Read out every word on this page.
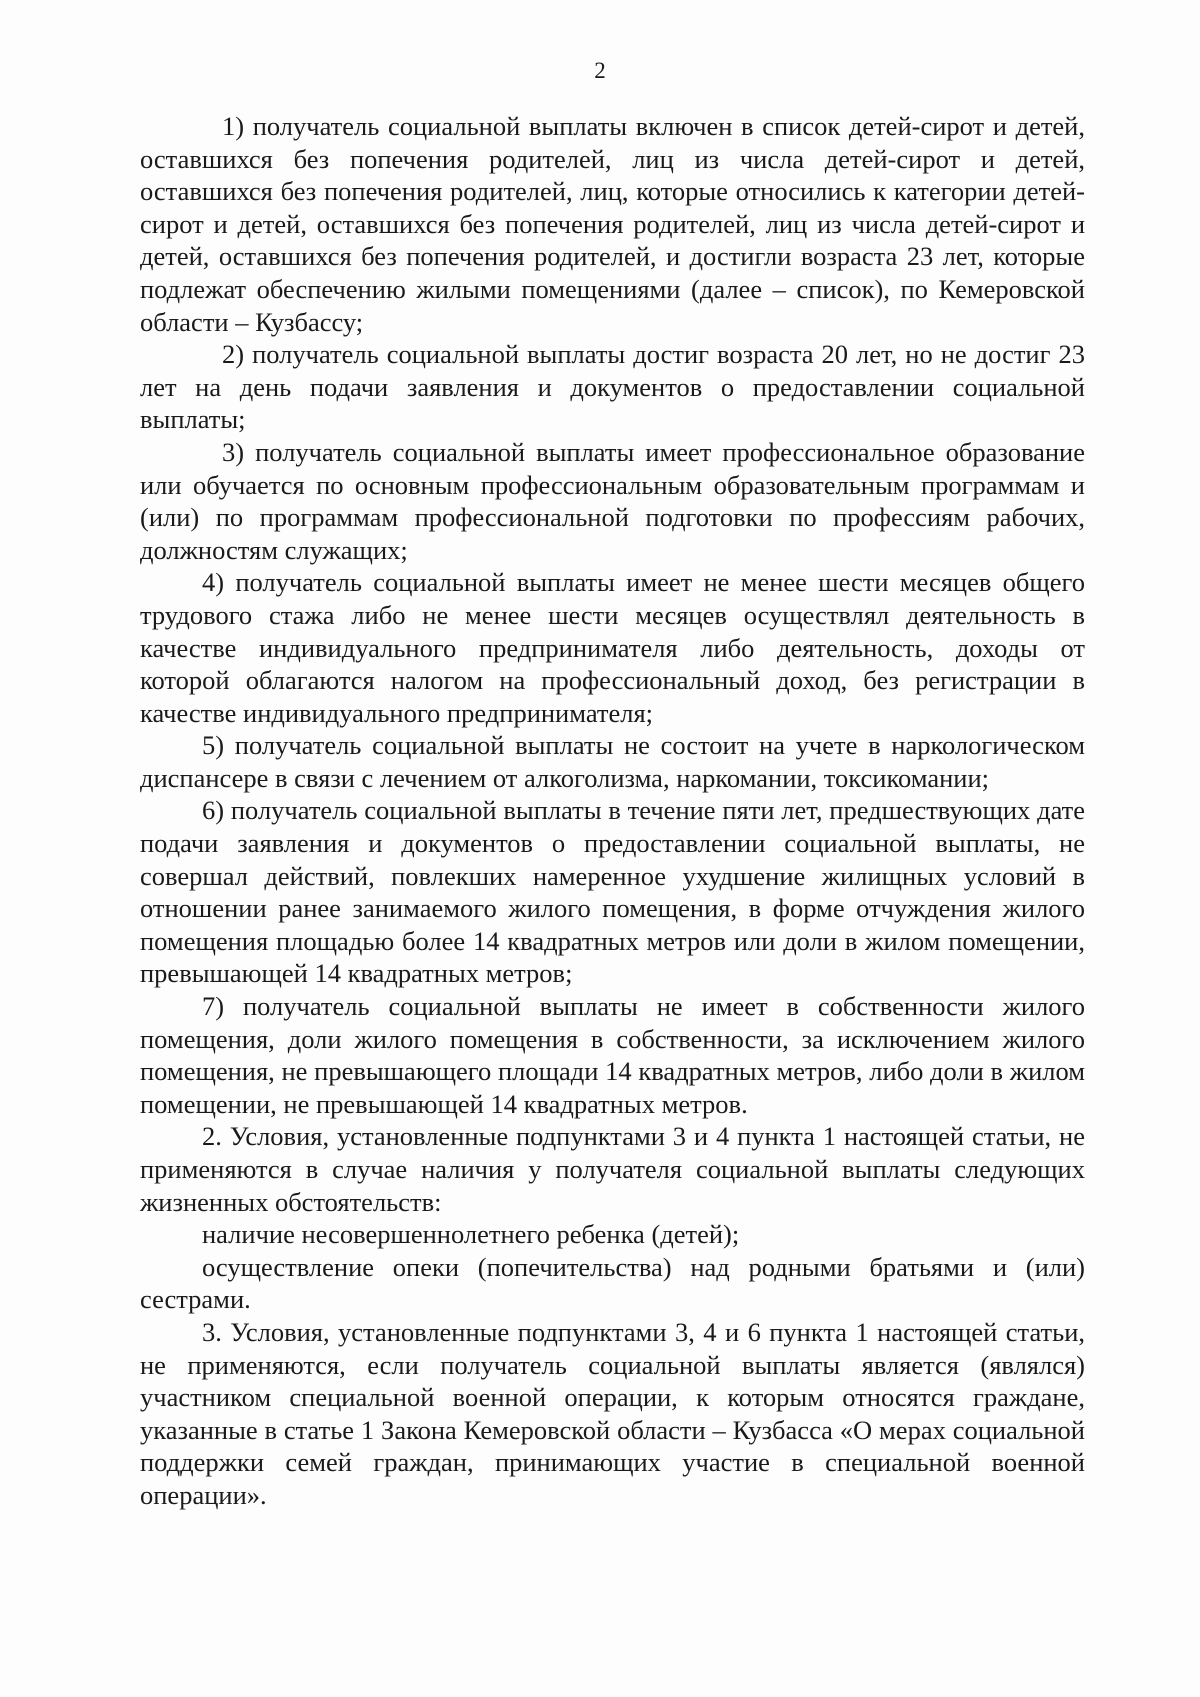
2

1) получатель социальной выплаты включен в список детей-сирот и детей, оставшихся без попечения родителей, лиц из числа детей-сирот и детей, оставшихся без попечения родителей, лиц, которые относились к категории детей-сирот и детей, оставшихся без попечения родителей, лиц из числа детей-сирот и детей, оставшихся без попечения родителей, и достигли возраста 23 лет, которые подлежат обеспечению жилыми помещениями (далее – список), по Кемеровской области – Кузбассу;

2) получатель социальной выплаты достиг возраста 20 лет, но не достиг 23 лет на день подачи заявления и документов о предоставлении социальной выплаты;

3) получатель социальной выплаты имеет профессиональное образование или обучается по основным профессиональным образовательным программам и (или) по программам профессиональной подготовки по профессиям рабочих, должностям служащих;

4) получатель социальной выплаты имеет не менее шести месяцев общего трудового стажа либо не менее шести месяцев осуществлял деятельность в качестве индивидуального предпринимателя либо деятельность, доходы от которой облагаются налогом на профессиональный доход, без регистрации в качестве индивидуального предпринимателя;

5) получатель социальной выплаты не состоит на учете в наркологическом диспансере в связи с лечением от алкоголизма, наркомании, токсикомании;

6) получатель социальной выплаты в течение пяти лет, предшествующих дате подачи заявления и документов о предоставлении социальной выплаты, не совершал действий, повлекших намеренное ухудшение жилищных условий в отношении ранее занимаемого жилого помещения, в форме отчуждения жилого помещения площадью более 14 квадратных метров или доли в жилом помещении, превышающей 14 квадратных метров;

7) получатель социальной выплаты не имеет в собственности жилого помещения, доли жилого помещения в собственности, за исключением жилого помещения, не превышающего площади 14 квадратных метров, либо доли в жилом помещении, не превышающей 14 квадратных метров.

2. Условия, установленные подпунктами 3 и 4 пункта 1 настоящей статьи, не применяются в случае наличия у получателя социальной выплаты следующих жизненных обстоятельств:

наличие несовершеннолетнего ребенка (детей);

осуществление опеки (попечительства) над родными братьями и (или) сестрами.

3. Условия, установленные подпунктами 3, 4 и 6 пункта 1 настоящей статьи, не применяются, если получатель социальной выплаты является (являлся) участником специальной военной операции, к которым относятся граждане, указанные в статье 1 Закона Кемеровской области – Кузбасса «О мерах социальной поддержки семей граждан, принимающих участие в специальной военной операции».
